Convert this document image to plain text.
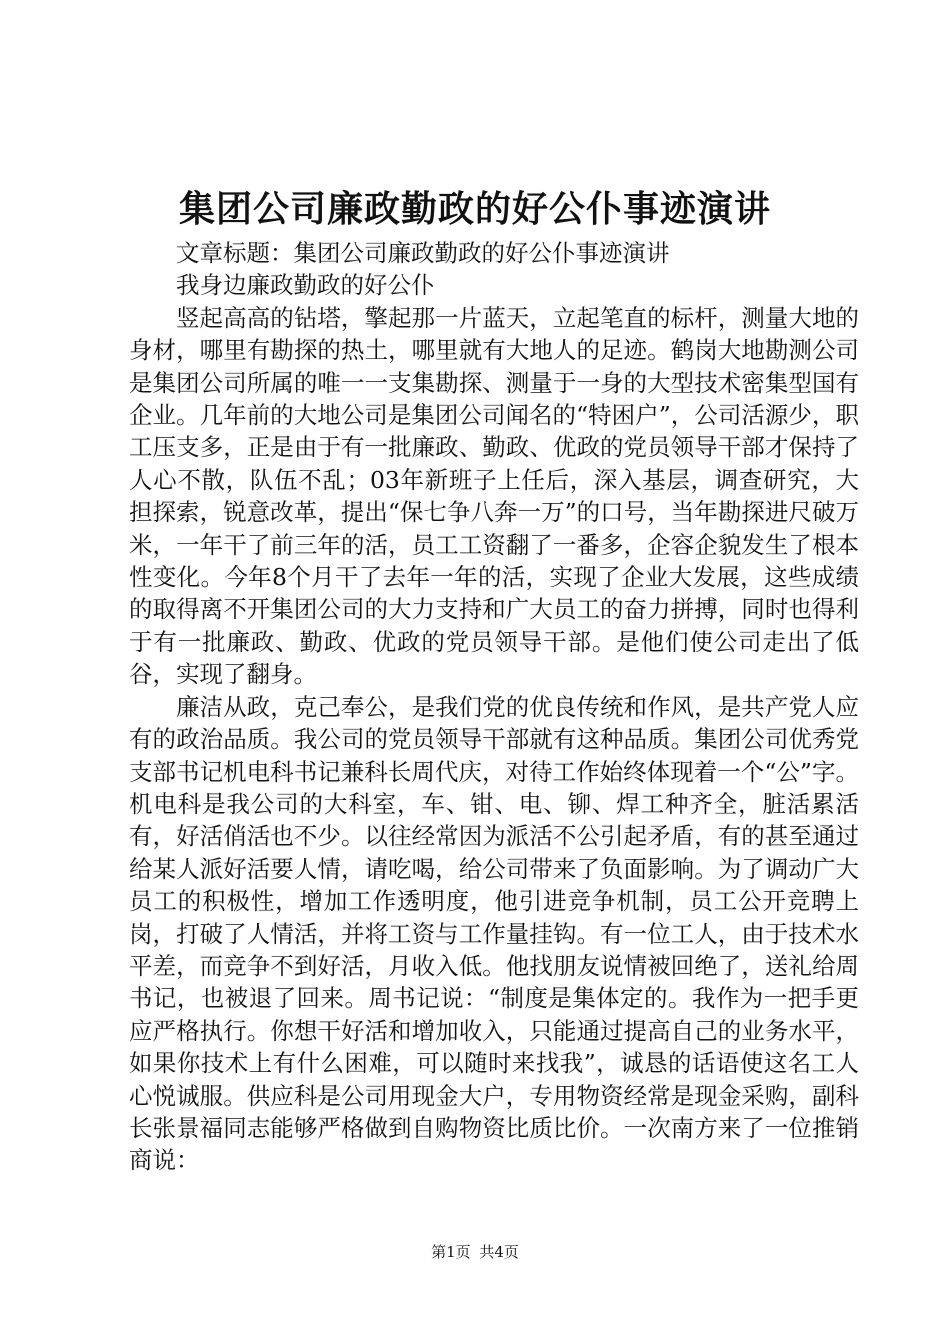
集团公司廉政勤政的好公仆事迹演讲

文章标题：集团公司廉政勤政的好公仆事迹演讲

我身边廉政勤政的好公仆

竖起高高的钻塔，擎起那一片蓝天，立起笔直的标杆，测量大地的身材，哪里有勘探的热土，哪里就有大地人的足迹。鹤岗大地勘测公司是集团公司所属的唯一一支集勘探、测量于一身的大型技术密集型国有企业。几年前的大地公司是集团公司闻名的“特困户”，公司活源少，职工压支多，正是由于有一批廉政、勤政、优政的党员领导干部才保持了人心不散，队伍不乱；03年新班子上任后，深入基层，调查研究，大担探索，锐意改革，提出“保七争八奔一万”的口号，当年勘探进尺破万米，一年干了前三年的活，员工工资翻了一番多，企容企貌发生了根本性变化。今年8个月干了去年一年的活，实现了企业大发展，这些成绩的取得离不开集团公司的大力支持和广大员工的奋力拼搏，同时也得利于有一批廉政、勤政、优政的党员领导干部。是他们使公司走出了低谷，实现了翻身。

廉洁从政，克己奉公，是我们党的优良传统和作风，是共产党人应有的政治品质。我公司的党员领导干部就有这种品质。集团公司优秀党支部书记机电科书记兼科长周代庆，对待工作始终体现着一个“公”字。机电科是我公司的大科室，车、钳、电、铆、焊工种齐全，脏活累活有，好活俏活也不少。以往经常因为派活不公引起矛盾，有的甚至通过给某人派好活要人情，请吃喝，给公司带来了负面影响。为了调动广大员工的积极性，增加工作透明度，他引进竞争机制，员工公开竞聘上岗，打破了人情活，并将工资与工作量挂钩。有一位工人，由于技术水平差，而竞争不到好活，月收入低。他找朋友说情被回绝了，送礼给周书记，也被退了回来。周书记说：“制度是集体定的。我作为一把手更应严格执行。你想干好活和增加收入，只能通过提高自己的业务水平，如果你技术上有什么困难，可以随时来找我”，诚恳的话语使这名工人心悦诚服。供应科是公司用现金大户，专用物资经常是现金采购，副科长张景福同志能够严格做到自购物资比质比价。一次南方来了一位推销商说：

第1页 共4页
